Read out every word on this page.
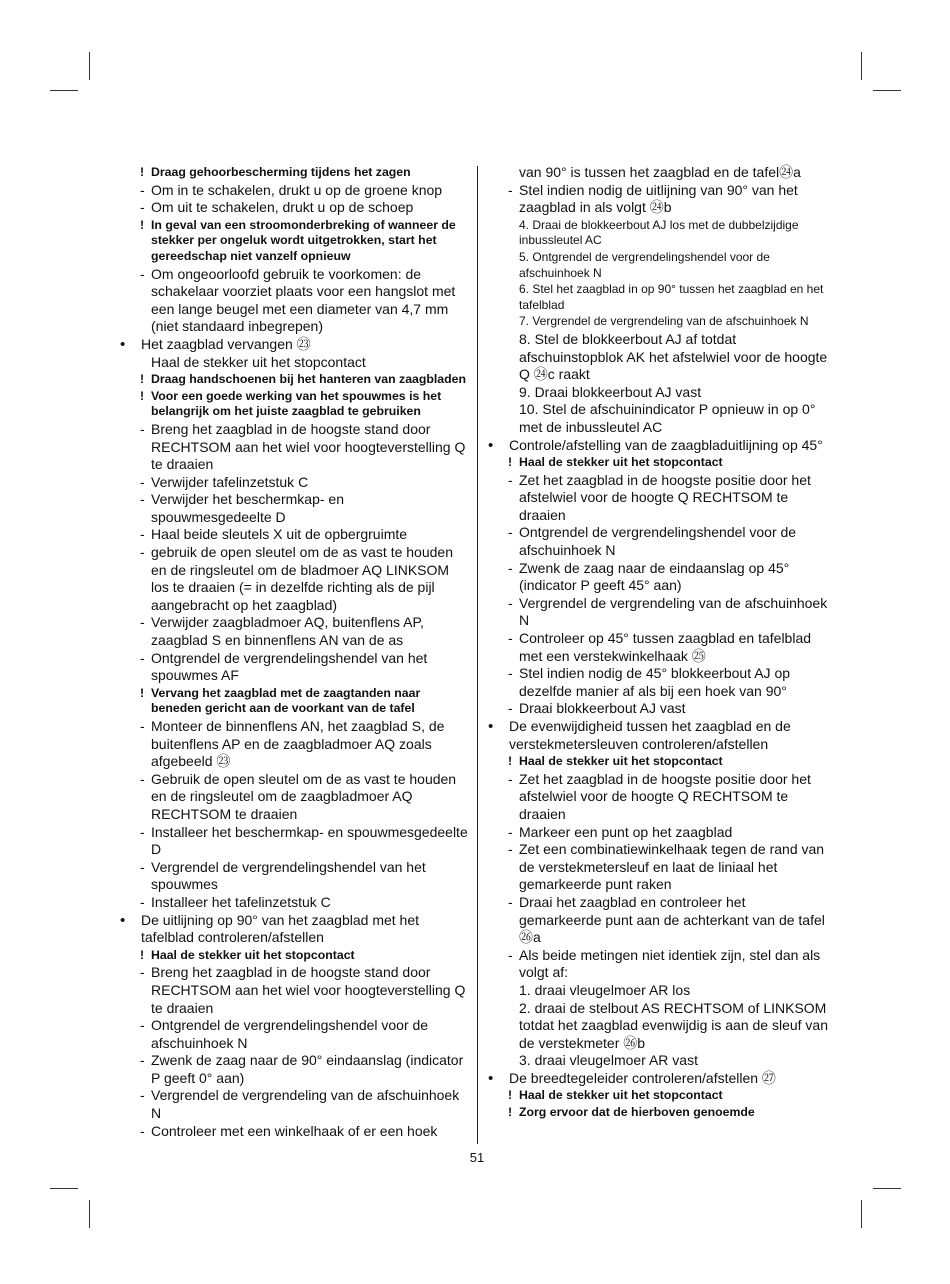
! Draag gehoorbescherming tijdens het zagen
- Om in te schakelen, drukt u op de groene knop
- Om uit te schakelen, drukt u op de schoep
! In geval van een stroomonderbreking of wanneer de stekker per ongeluk wordt uitgetrokken, start het gereedschap niet vanzelf opnieuw
- Om ongeoorloofd gebruik te voorkomen: de schakelaar voorziet plaats voor een hangslot met een lange beugel met een diameter van 4,7 mm (niet standaard inbegrepen)
• Het zaagblad vervangen ㉓
Haal de stekker uit het stopcontact
! Draag handschoenen bij het hanteren van zaagbladen
! Voor een goede werking van het spouwmes is het belangrijk om het juiste zaagblad te gebruiken
- Breng het zaagblad in de hoogste stand door RECHTSOM aan het wiel voor hoogteverstelling Q te draaien
- Verwijder tafelinzetstuk C
- Verwijder het beschermkap- en spouwmesgedeelte D
- Haal beide sleutels X uit de opbergruimte
- gebruik de open sleutel om de as vast te houden en de ringsleutel om de bladmoer AQ LINKSOM los te draaien (= in dezelfde richting als de pijl aangebracht op het zaagblad)
- Verwijder zaagbladmoer AQ, buitenflens AP, zaagblad S en binnenflens AN van de as
- Ontgrendel de vergrendelingshendel van het spouwmes AF
! Vervang het zaagblad met de zaagtanden naar beneden gericht aan de voorkant van de tafel
- Monteer de binnenflens AN, het zaagblad S, de buitenflens AP en de zaagbladmoer AQ zoals afgebeeld ㉓
- Gebruik de open sleutel om de as vast te houden en de ringsleutel om de zaagbladmoer AQ RECHTSOM te draaien
- Installeer het beschermkap- en spouwmesgedeelte D
- Vergrendel de vergrendelingshendel van het spouwmes
- Installeer het tafelinzetstuk C
• De uitlijning op 90° van het zaagblad met het tafelblad controleren/afstellen
! Haal de stekker uit het stopcontact
- Breng het zaagblad in de hoogste stand door RECHTSOM aan het wiel voor hoogteverstelling Q te draaien
- Ontgrendel de vergrendelingshendel voor de afschuinhoek N
- Zwenk de zaag naar de 90° eindaanslag (indicator P geeft 0° aan)
- Vergrendel de vergrendeling van de afschuinhoek N
- Controleer met een winkelhaak of er een hoek
van 90° is tussen het zaagblad en de tafel㉔a
- Stel indien nodig de uitlijning van 90° van het zaagblad in als volgt ㉔b
4. Draai de blokkeerbout AJ los met de dubbelzijdige inbussleutel AC
5. Ontgrendel de vergrendelingshendel voor de afschuinhoek N
6. Stel het zaagblad in op 90° tussen het zaagblad en het tafelblad
7. Vergrendel de vergrendeling van de afschuinhoek N
8. Stel de blokkeerbout AJ af totdat afschuinstopblok AK het afstelwiel voor de hoogte Q ㉔c raakt
9. Draai blokkeerbout AJ vast
10. Stel de afschuinindicator P opnieuw in op 0° met de inbussleutel AC
• Controle/afstelling van de zaagbladuitlijning op 45°
! Haal de stekker uit het stopcontact
- Zet het zaagblad in de hoogste positie door het afstelwiel voor de hoogte Q RECHTSOM te draaien
- Ontgrendel de vergrendelingshendel voor de afschuinhoek N
- Zwenk de zaag naar de eindaanslag op 45° (indicator P geeft 45° aan)
- Vergrendel de vergrendeling van de afschuinhoek N
- Controleer op 45° tussen zaagblad en tafelblad met een verstekwinkelhaak ㉕
- Stel indien nodig de 45° blokkeerbout AJ op dezelfde manier af als bij een hoek van 90°
- Draai blokkeerbout AJ vast
• De evenwijdigheid tussen het zaagblad en de verstekmetersleuven controleren/afstellen
! Haal de stekker uit het stopcontact
- Zet het zaagblad in de hoogste positie door het afstelwiel voor de hoogte Q RECHTSOM te draaien
- Markeer een punt op het zaagblad
- Zet een combinatiewinkelhaak tegen de rand van de verstekmetersleuf en laat de liniaal het gemarkeerde punt raken
- Draai het zaagblad en controleer het gemarkeerde punt aan de achterkant van de tafel ㉖a
- Als beide metingen niet identiek zijn, stel dan als volgt af:
1. draai vleugelmoer AR los
2. draai de stelbout AS RECHTSOM of LINKSOM totdat het zaagblad evenwijdig is aan de sleuf van de verstekmeter ㉖b
3. draai vleugelmoer AR vast
• De breedtegeleider controleren/afstellen ㉗
! Haal de stekker uit het stopcontact
! Zorg ervoor dat de hierboven genoemde
51
